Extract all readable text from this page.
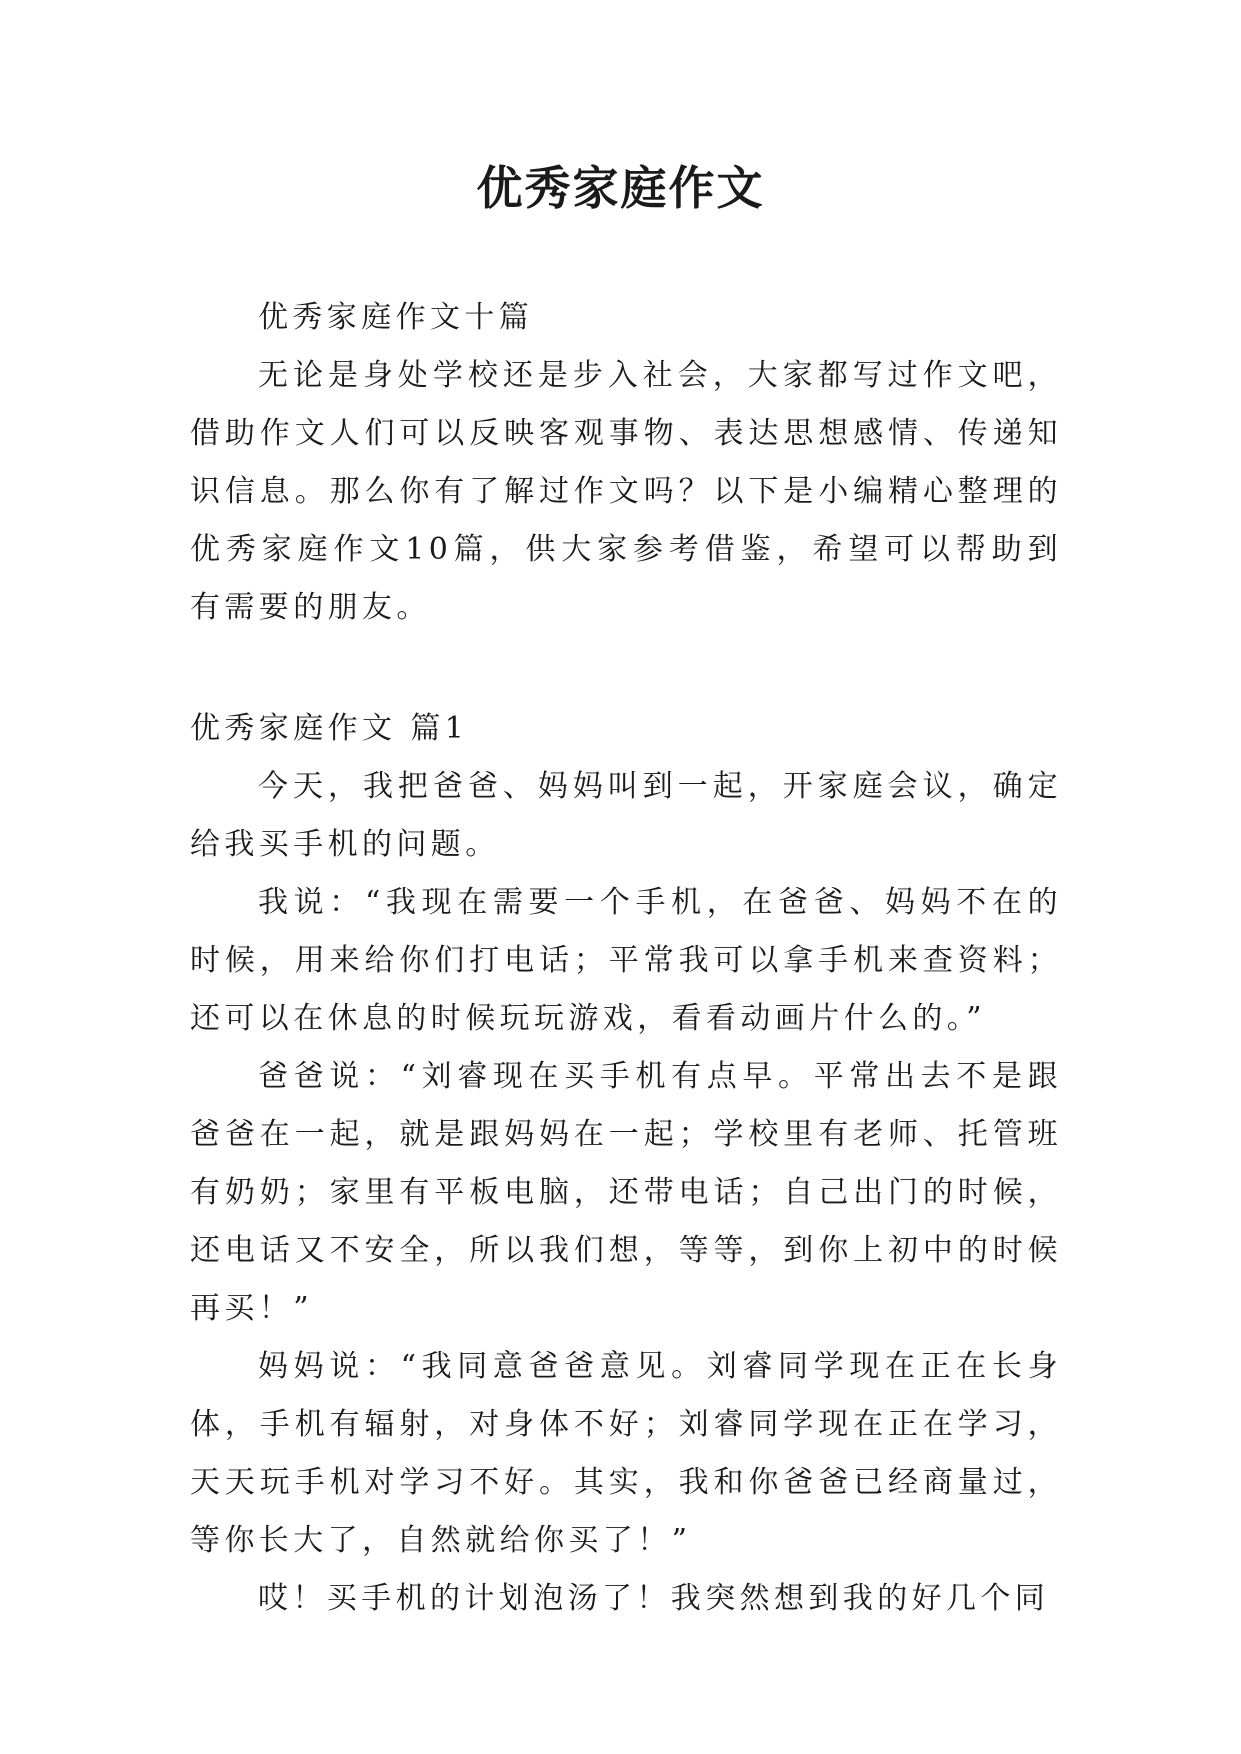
优秀家庭作文
优秀家庭作文十篇

无论是身处学校还是步入社会，大家都写过作文吧，借助作文人们可以反映客观事物、表达思想感情、传递知识信息。那么你有了解过作文吗？以下是小编精心整理的优秀家庭作文10篇，供大家参考借鉴，希望可以帮助到有需要的朋友。

优秀家庭作文 篇1

今天，我把爸爸、妈妈叫到一起，开家庭会议，确定给我买手机的问题。

我说：“我现在需要一个手机，在爸爸、妈妈不在的时候，用来给你们打电话；平常我可以拿手机来查资料；还可以在休息的时候玩玩游戏，看看动画片什么的。”

爸爸说：“刘睿现在买手机有点早。平常出去不是跟爸爸在一起，就是跟妈妈在一起；学校里有老师、托管班有奶奶；家里有平板电脑，还带电话；自己出门的时候，还电话又不安全，所以我们想，等等，到你上初中的时候再买！”

妈妈说：“我同意爸爸意见。刘睿同学现在正在长身体，手机有辐射，对身体不好；刘睿同学现在正在学习，天天玩手机对学习不好。其实，我和你爸爸已经商量过，等你长大了，自然就给你买了！”

哎！买手机的计划泡汤了！我突然想到我的好几个同
